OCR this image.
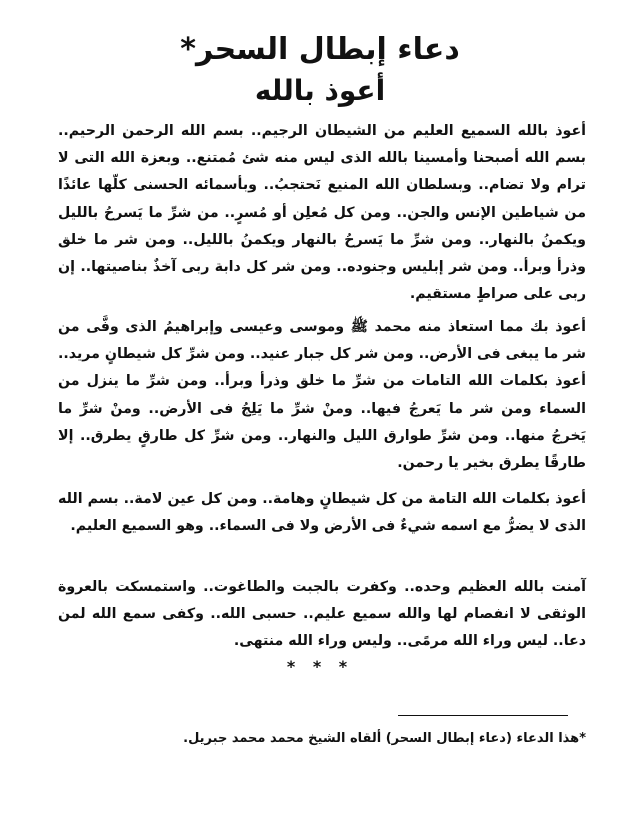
دعاء إبطال السحر*
أعوذ بالله

أعوذ بالله السميع العليم من الشيطان الرجيم.. بسم الله الرحمن الرحيم.. بسم الله أصبحنا وأمسينا بالله الذى ليس منه شئ مُمتنع.. وبعزة الله التى لا ترام ولا تضام.. وبسلطان الله المنيع نَحتجبُ.. وبأسمائه الحسنى كلّها عائذًا من شياطين الإنس والجن.. ومن كل مُعلِن أو مُسرٍ.. من شرِّ ما يَسرحُ بالليل ويكمنُ بالنهار.. ومن شرِّ ما يَسرحُ بالنهار ويكمنُ بالليل.. ومن شر ما خلق وذرأ وبرأ.. ومن شر إبليس وجنوده.. ومن شر كل دابة ربى آخذٌ بناصيتها.. إن ربى على صراطٍ مستقيم.

أعوذ بك مما استعاذ منه محمد ﷺ وموسى وعيسى وإبراهيمُ الذى وفَّى من شر ما يبغى فى الأرض.. ومن شر كل جبار عنيد.. ومن شرِّ كل شيطانٍ مريد.. أعوذ بكلمات الله التامات من شرِّ ما خلق وذرأ وبرأ.. ومن شرِّ ما ينزل من السماء ومن شر ما يَعرجُ فيها.. ومنْ شرِّ ما يَلِجُ فى الأرض.. ومنْ شرِّ ما يَخرجُ منها.. ومن شرِّ طوارق الليل والنهار.. ومن شرِّ كل طارقٍ يطرق.. إلا طارقًا يطرق بخير يا رحمن.

أعوذ بكلمات الله التامة من كل شيطانٍ وهامة.. ومن كل عين لامة.. بسم الله الذى لا يضرُّ مع اسمه شيءٌ فى الأرض ولا فى السماء.. وهو السميع العليم.

آمنت بالله العظيم وحده.. وكفرت بالجبت والطاغوت.. واستمسكت بالعروة الوثقى لا انفصام لها والله سميع عليم.. حسبى الله.. وكفى سمع الله لمن دعا.. ليس وراء الله مرمًى.. وليس وراء الله منتهى.

* * *
*هذا الدعاء (دعاء إبطال السحر) ألقاه الشيخ محمد محمد جبريل.
